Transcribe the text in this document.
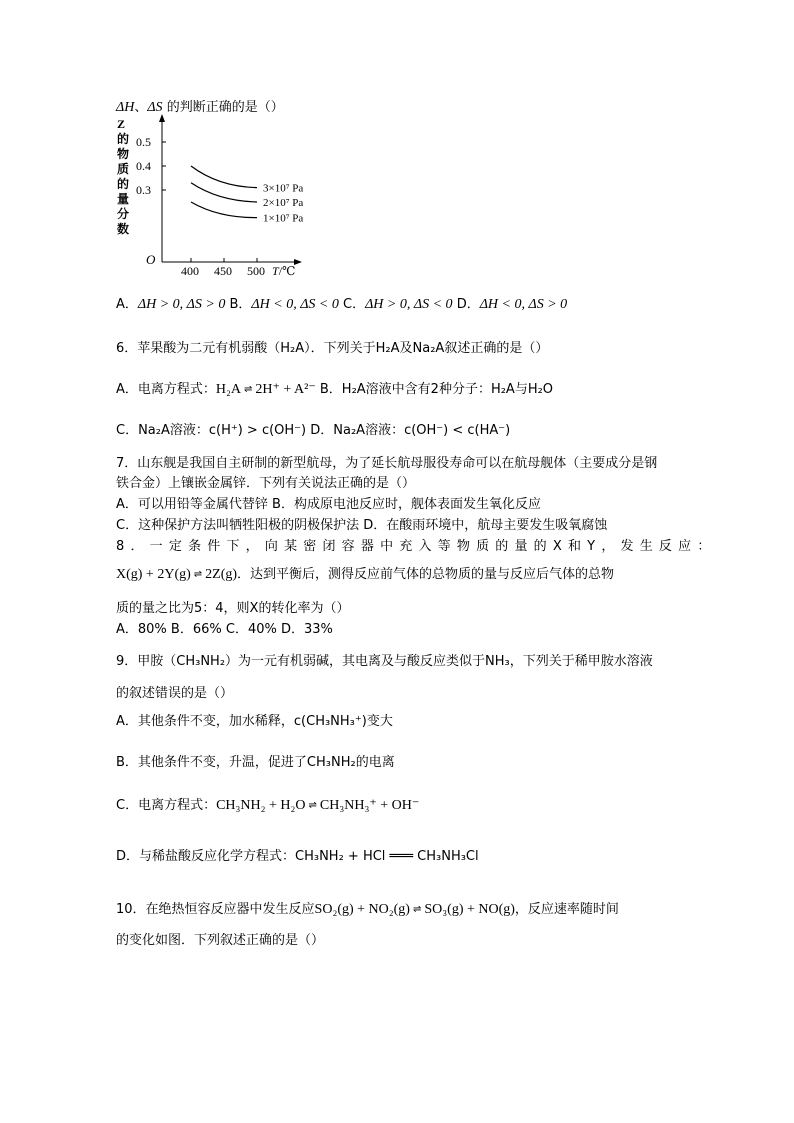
ΔH、ΔS 的判断正确的是（）
Z
的
物
质
的
量
分
数
O
0.5
0.4
0.3
400 450 500 T/℃
3×10⁷ Pa
2×10⁷ Pa
1×10⁷ Pa
A．ΔH > 0, ΔS > 0 B．ΔH < 0, ΔS < 0 C．ΔH > 0, ΔS < 0 D．ΔH < 0, ΔS > 0
6．苹果酸为二元有机弱酸（H₂A）．下列关于H₂A及Na₂A叙述正确的是（）
A．电离方程式：H₂A ⇌ 2H⁺ + A²⁻ B．H₂A溶液中含有2种分子：H₂A与H₂O
C．Na₂A溶液：c(H⁺) > c(OH⁻) D．Na₂A溶液：c(OH⁻) < c(HA⁻)
7．山东舰是我国自主研制的新型航母，为了延长航母服役寿命可以在航母舰体（主要成分是钢
铁合金）上镶嵌金属锌．下列有关说法正确的是（）
A．可以用铅等金属代替锌 B．构成原电池反应时，舰体表面发生氧化反应
C．这种保护方法叫牺牲阳极的阴极保护法 D．在酸雨环境中，航母主要发生吸氧腐蚀
8．一定条件下，向某密闭容器中充入等物质的量的X和Y，发生反应：
X(g) + 2Y(g) ⇌ 2Z(g)．达到平衡后，测得反应前气体的总物质的量与反应后气体的总物
质的量之比为5：4，则X的转化率为（）
A．80% B．66% C．40% D．33%
9．甲胺（CH₃NH₂）为一元有机弱碱，其电离及与酸反应类似于NH₃，下列关于稀甲胺水溶液
的叙述错误的是（）
A．其他条件不变，加水稀释，c(CH₃NH₃⁺)变大
B．其他条件不变，升温，促进了CH₃NH₂的电离
C．电离方程式：CH₃NH₂ + H₂O ⇌ CH₃NH₃⁺ + OH⁻
D．与稀盐酸反应化学方程式：CH₃NH₂ + HCl ═══ CH₃NH₃Cl
10．在绝热恒容反应器中发生反应SO₂(g) + NO₂(g) ⇌ SO₃(g) + NO(g)，反应速率随时间
的变化如图．下列叙述正确的是（）
